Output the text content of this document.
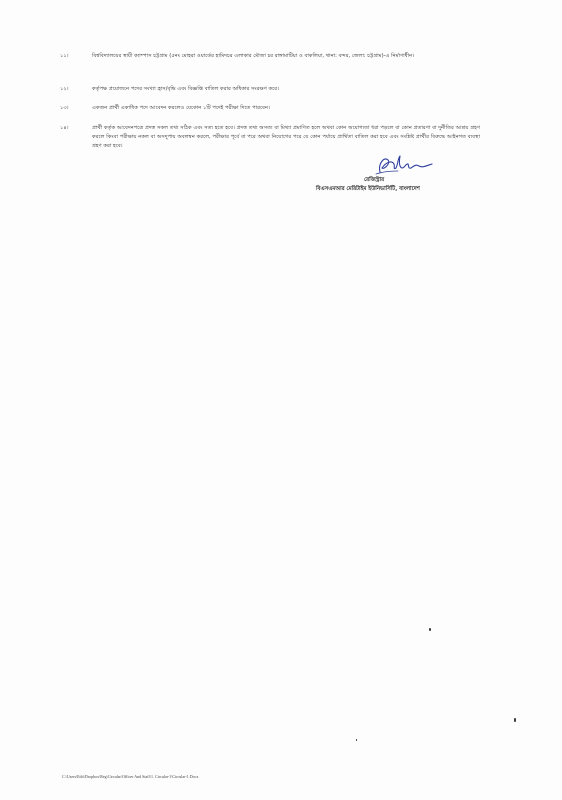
১১।	বিশ্ববিদ্যালয়ের স্থায়ী ক্যাম্পাস চট্টগ্রাম (৫নং মোহরা ওয়ার্ডের হামিদচর এলাকার মৌজা চর রাঙ্গামাটিয়া ও বাকলিয়া, থানা: বন্দর, জেলা: চট্টগ্রাম)-এ নির্মাণাধীন।
১২।	কর্তৃপক্ষ প্রয়োজনে পদের সংখ্যা হ্রাস/বৃদ্ধি এবং বিজ্ঞপ্তি বাতিল করার অধিকার সংরক্ষণ করে।
১৩।	একজন প্রার্থী একাধিক পদে আবেদন করলেও যেকোন ১টি পদেই পরীক্ষা দিতে পারবেন।
১৪।	প্রার্থী কর্তৃক আবেদনপত্রে প্রদত্ত সকল তথ্য সঠিক এবং সত্য হতে হবে। প্রদত্ত তথ্য অসত্য বা মিথ্যা প্রমাণিত হলে অথবা কোন অযোগ্যতা ধরা পড়লে বা কোন প্রতারণা বা দুর্নীতির আশ্রয় গ্রহণ করলে কিংবা পরীক্ষায় নকল বা অসদুপায় অবলম্বন করলে, পরীক্ষার পূর্বে বা পরে অথবা নিয়োগের পরে যে কোন পর্যায়ে প্রার্থিতা বাতিল করা হবে এবং সংশ্লিষ্ট প্রার্থীর বিরুদ্ধে আইনগত ব্যবস্থা গ্রহণ করা হবে।
রেজিস্ট্রার
বিএসএমআর মেরিটাইম ইউনিভার্সিটি, বাংলাদেশ
C:\Users\Edit\Dropbox\Reg\Circular\Officer And Staff\1. Circular-1\Circular-1.Docx
